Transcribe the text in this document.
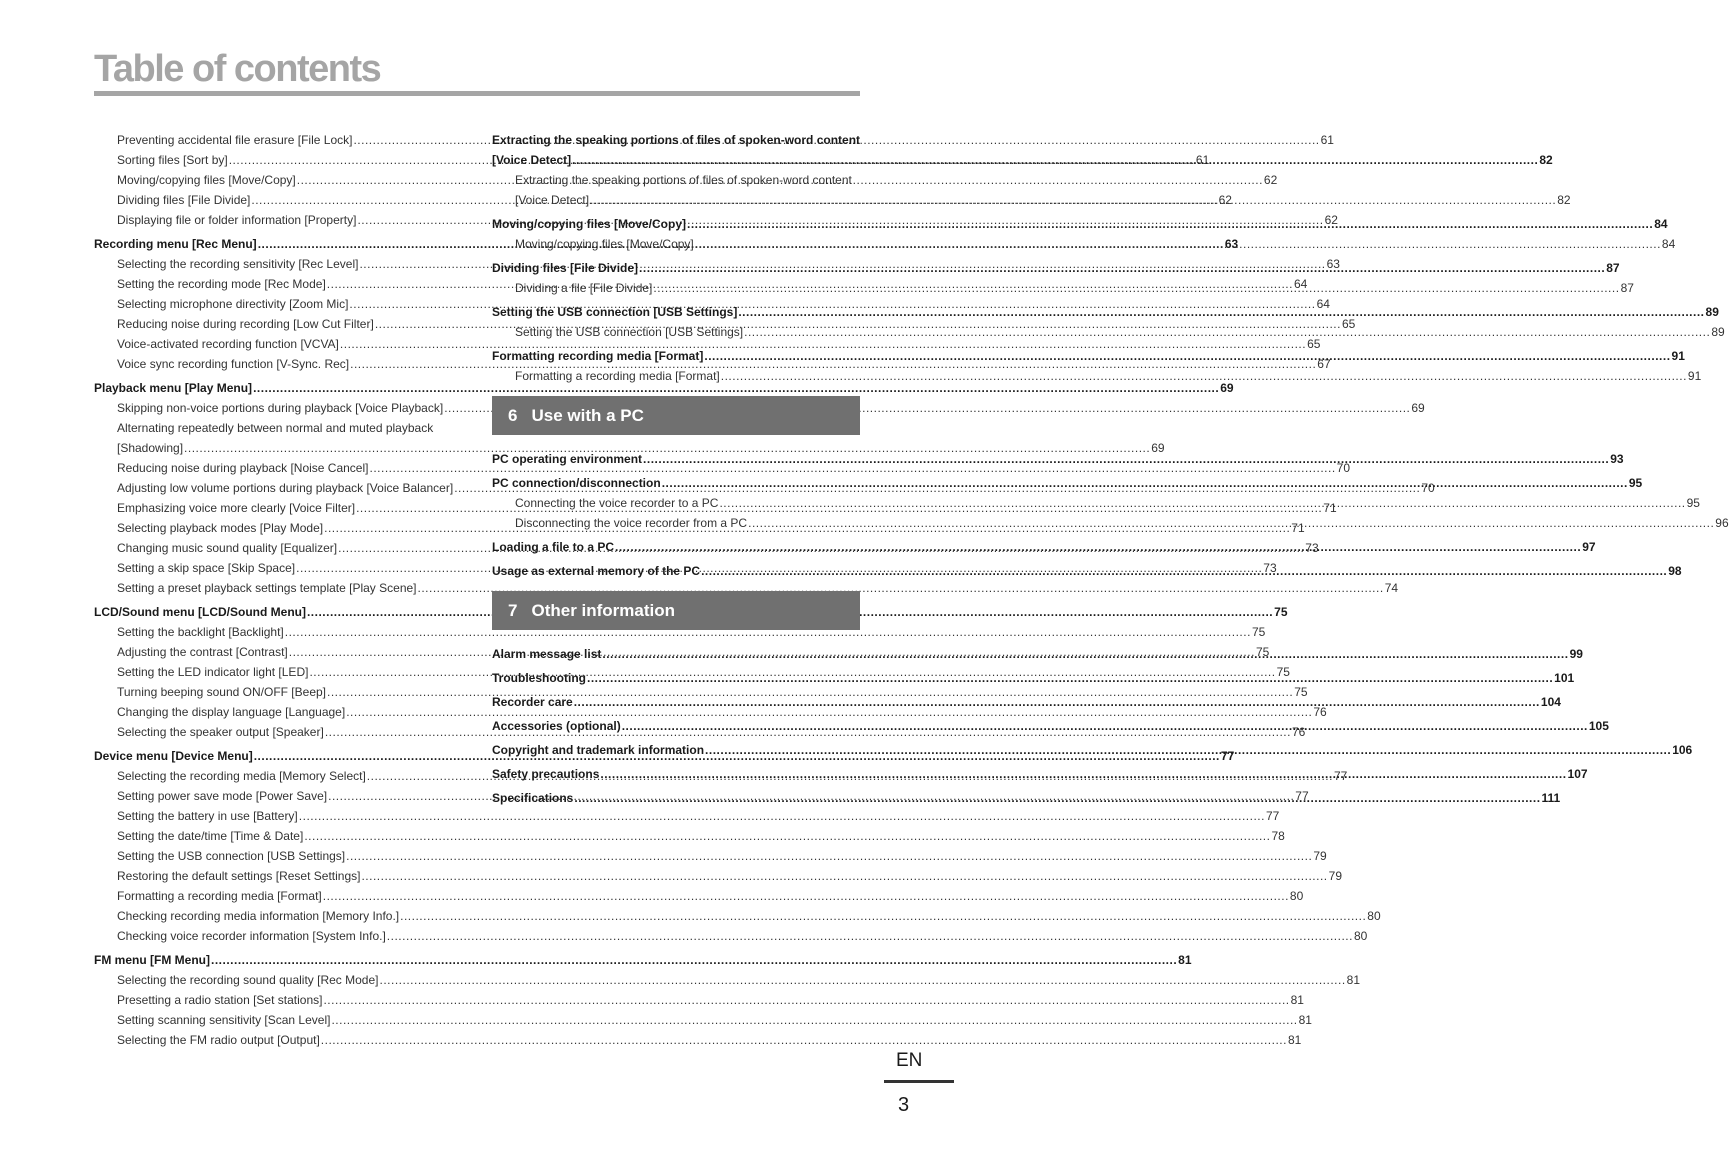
Table of contents
Preventing accidental file erasure [File Lock] .....	61
Sorting files [Sort by] .....	61
Moving/copying files [Move/Copy] .....	62
Dividing files [File Divide] .....	62
Displaying file or folder information [Property] .....	62
Recording menu [Rec Menu] .....	63
Selecting the recording sensitivity [Rec Level] .....	63
Setting the recording mode [Rec Mode] .....	64
Selecting microphone directivity [Zoom Mic] .....	64
Reducing noise during recording [Low Cut Filter] .....	65
Voice-activated recording function [VCVA] .....	65
Voice sync recording function [V-Sync. Rec] .....	67
Playback menu [Play Menu] .....	69
Skipping non-voice portions during playback [Voice Playback] .....	69
Alternating repeatedly between normal and muted playback
[Shadowing] .....	69
Reducing noise during playback [Noise Cancel] .....	70
Adjusting low volume portions during playback [Voice Balancer] .....	70
Emphasizing voice more clearly [Voice Filter] .....	71
Selecting playback modes [Play Mode] .....	71
Changing music sound quality [Equalizer] .....	73
Setting a skip space [Skip Space] .....	73
Setting a preset playback settings template [Play Scene] .....	74
LCD/Sound menu [LCD/Sound Menu] .....	75
Setting the backlight [Backlight] .....	75
Adjusting the contrast [Contrast] .....	75
Setting the LED indicator light [LED] .....	75
Turning beeping sound ON/OFF [Beep] .....	75
Changing the display language [Language] .....	76
Selecting the speaker output [Speaker] .....	76
Device menu [Device Menu] .....	77
Selecting the recording media [Memory Select] .....	77
Setting power save mode [Power Save] .....	77
Setting the battery in use [Battery] .....	77
Setting the date/time [Time & Date] .....	78
Setting the USB connection [USB Settings] .....	79
Restoring the default settings [Reset Settings] .....	79
Formatting a recording media [Format] .....	80
Checking recording media information [Memory Info.] .....	80
Checking voice recorder information [System Info.] .....	80
FM menu [FM Menu] .....	81
Selecting the recording sound quality [Rec Mode] .....	81
Presetting a radio station [Set stations] .....	81
Setting scanning sensitivity [Scan Level] .....	81
Selecting the FM radio output [Output] .....	81
Extracting the speaking portions of files of spoken-word content
[Voice Detect] .....	82
Extracting the speaking portions of files of spoken-word content
[Voice Detect] .....	82
Moving/copying files [Move/Copy] .....	84
Moving/copying files [Move/Copy] .....	84
Dividing files [File Divide] .....	87
Dividing a file [File Divide] .....	87
Setting the USB connection [USB Settings] .....	89
Setting the USB connection [USB Settings] .....	89
Formatting recording media [Format] .....	91
Formatting a recording media [Format] .....	91
6 Use with a PC
PC operating environment .....	93
PC connection/disconnection .....	95
Connecting the voice recorder to a PC .....	95
Disconnecting the voice recorder from a PC .....	96
Loading a file to a PC .....	97
Usage as external memory of the PC .....	98
7 Other information
Alarm message list .....	99
Troubleshooting .....	101
Recorder care .....	104
Accessories (optional) .....	105
Copyright and trademark information .....	106
Safety precautions .....	107
Specifications .....	111
EN
3
